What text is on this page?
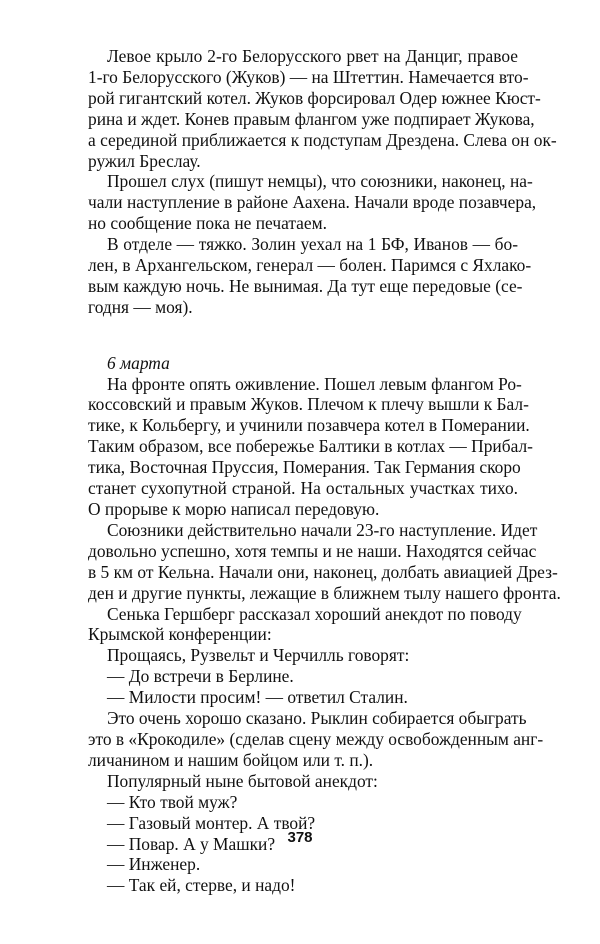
Левое крыло 2-го Белорусского рвет на Данциг, правое
1-го Белорусского (Жуков) — на Штеттин. Намечается вто-
рой гигантский котел. Жуков форсировал Одер южнее Кюст-
рина и ждет. Конев правым флангом уже подпирает Жукова,
а серединой приближается к подступам Дрездена. Слева он ок-
ружил Бреслау.
Прошел слух (пишут немцы), что союзники, наконец, на-
чали наступление в районе Аахена. Начали вроде позавчера,
но сообщение пока не печатаем.
В отделе — тяжко. Золин уехал на 1 БФ, Иванов — бо-
лен, в Архангельском, генерал — болен. Паримся с Яхлако-
вым каждую ночь. Не вынимая. Да тут еще передовые (се-
годня — моя).
6 марта
На фронте опять оживление. Пошел левым флангом Ро-
коссовский и правым Жуков. Плечом к плечу вышли к Бал-
тике, к Кольбергу, и учинили позавчера котел в Померании.
Таким образом, все побережье Балтики в котлах — Прибал-
тика, Восточная Пруссия, Померания. Так Германия скоро
станет сухопутной страной. На остальных участках тихо.
О прорыве к морю написал передовую.
Союзники действительно начали 23-го наступление. Идет
довольно успешно, хотя темпы и не наши. Находятся сейчас
в 5 км от Кельна. Начали они, наконец, долбать авиацией Дрез-
ден и другие пункты, лежащие в ближнем тылу нашего фронта.
Сенька Гершберг рассказал хороший анекдот по поводу
Крымской конференции:
Прощаясь, Рузвельт и Черчилль говорят:
— До встречи в Берлине.
— Милости просим! — ответил Сталин.
Это очень хорошо сказано. Рыклин собирается обыграть
это в «Крокодиле» (сделав сцену между освобожденным анг-
личанином и нашим бойцом или т. п.).
Популярный ныне бытовой анекдот:
— Кто твой муж?
— Газовый монтер. А твой?
— Повар. А у Машки?
— Инженер.
— Так ей, стерве, и надо!
378
